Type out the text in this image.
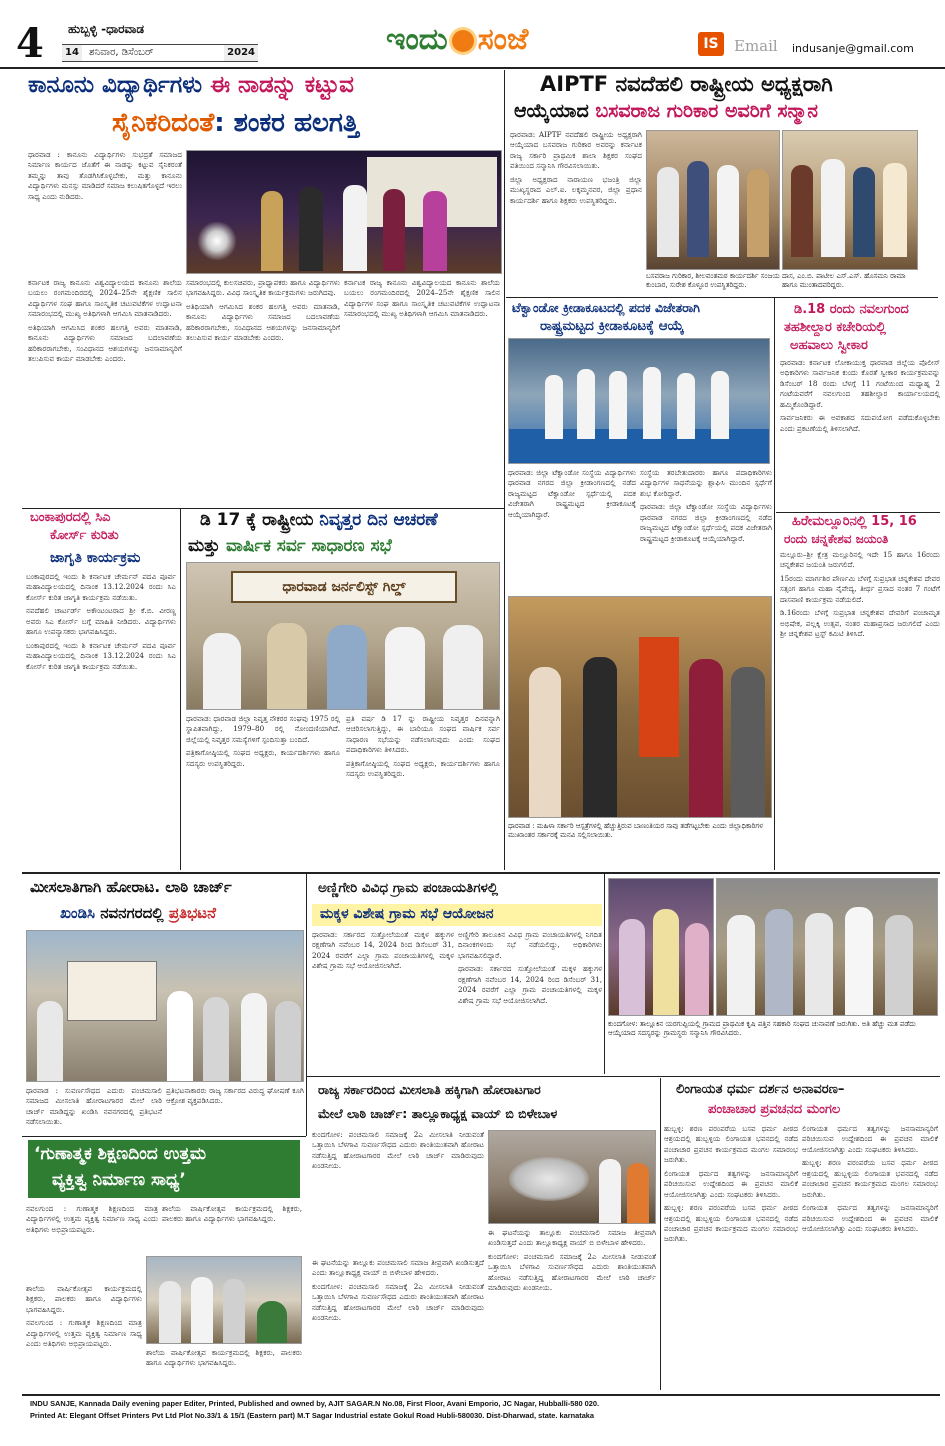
4 ಹುಬ್ಬಳ್ಳಿ -ಧಾರವಾಡ
14 ಶನಿವಾರ, ಡಿಸೆಂಬರ್	2024	ಇಂದು ಸಂಜೆ	IS	Email indusanje@gmail.com
ಕಾನೂನು ವಿದ್ಯಾರ್ಥಿಗಳು ಈ ನಾಡನ್ನು ಕಟ್ಟುವ
ಸೈನಿಕರಿದಂತೆ: ಶಂಕರ ಹಲಗತ್ತಿ
ಧಾರವಾಡ : ಕಾನೂನು ವಿದ್ಯಾರ್ಥಿಗಳು ಸುಭದ್ರತೆ ಸಮಾಜದ ನಿರ್ಮಾಣ ಕಾರ್ಯದ ಜೊತೆಗೆ ಈ ನಾಡನ್ನು ಕಟ್ಟುವ ಸೈನಿಕರಂತೆ ತಮ್ಮನ್ನು ತಾವು ತೊಡಗಿಸಿಕೊಳ್ಳಬೇಕು, ಮತ್ತು ಕಾನೂನು ವಿದ್ಯಾರ್ಥಿಗಳು ಮನಸ್ಸು ಮಾಡಿದರೆ ಸಮಾಜ ಕಲುಷಿತಗೊಳ್ಳದೆ ಇರಲು ಸಾಧ್ಯ ಎಂದು ನುಡಿದರು.
ಕರ್ನಾಟಕ ರಾಜ್ಯ ಕಾನೂನು ವಿಶ್ವವಿದ್ಯಾಲಯದ ಕಾನೂನು ಶಾಲೆಯ ಬಯಲು ರಂಗಮಂದಿರದಲ್ಲಿ 2024–25ನೇ ಶೈಕ್ಷಣಿಕ ಸಾಲಿನ ವಿದ್ಯಾರ್ಥಿಗಳ ಸಂಘ ಹಾಗೂ ಸಾಂಸ್ಕೃತಿಕ ಚಟುವಟಿಕೆಗಳ ಉದ್ಘಾಟನಾ ಸಮಾರಂಭದಲ್ಲಿ ಮುಖ್ಯ ಅತಿಥಿಗಳಾಗಿ ಆಗಮಿಸಿ ಮಾತನಾಡಿದರು.
ಅತಿಥಿಯಾಗಿ ಆಗಮಿಸಿದ ಶಂಕರ ಹಲಗತ್ತಿ ಅವರು ಮಾತನಾಡಿ, ಕಾನೂನು ವಿದ್ಯಾರ್ಥಿಗಳು ಸಮಾಜದ ಬದಲಾವಣೆಯ ಹರಿಕಾರರಾಗಬೇಕು, ಸಂವಿಧಾನದ ಆಶಯಗಳನ್ನು ಜನಸಾಮಾನ್ಯರಿಗೆ ತಲುಪಿಸುವ ಕಾರ್ಯ ಮಾಡಬೇಕು ಎಂದರು.
ಸಮಾರಂಭದಲ್ಲಿ ಕುಲಸಚಿವರು, ಪ್ರಾಧ್ಯಾಪಕರು ಹಾಗೂ ವಿದ್ಯಾರ್ಥಿಗಳು ಭಾಗವಹಿಸಿದ್ದರು. ವಿವಿಧ ಸಾಂಸ್ಕೃತಿಕ ಕಾರ್ಯಕ್ರಮಗಳು ಜರುಗಿದವು.
ಅತಿಥಿಯಾಗಿ ಆಗಮಿಸಿದ ಶಂಕರ ಹಲಗತ್ತಿ ಅವರು ಮಾತನಾಡಿ, ಕಾನೂನು ವಿದ್ಯಾರ್ಥಿಗಳು ಸಮಾಜದ ಬದಲಾವಣೆಯ ಹರಿಕಾರರಾಗಬೇಕು, ಸಂವಿಧಾನದ ಆಶಯಗಳನ್ನು ಜನಸಾಮಾನ್ಯರಿಗೆ ತಲುಪಿಸುವ ಕಾರ್ಯ ಮಾಡಬೇಕು ಎಂದರು.
ಕರ್ನಾಟಕ ರಾಜ್ಯ ಕಾನೂನು ವಿಶ್ವವಿದ್ಯಾಲಯದ ಕಾನೂನು ಶಾಲೆಯ ಬಯಲು ರಂಗಮಂದಿರದಲ್ಲಿ 2024–25ನೇ ಶೈಕ್ಷಣಿಕ ಸಾಲಿನ ವಿದ್ಯಾರ್ಥಿಗಳ ಸಂಘ ಹಾಗೂ ಸಾಂಸ್ಕೃತಿಕ ಚಟುವಟಿಕೆಗಳ ಉದ್ಘಾಟನಾ ಸಮಾರಂಭದಲ್ಲಿ ಮುಖ್ಯ ಅತಿಥಿಗಳಾಗಿ ಆಗಮಿಸಿ ಮಾತನಾಡಿದರು.
AIPTF ನವದೆಹಲಿ ರಾಷ್ಟ್ರೀಯ ಅಧ್ಯಕ್ಷರಾಗಿ
ಆಯ್ಕೆಯಾದ ಬಸವರಾಜ ಗುರಿಕಾರ ಅವರಿಗೆ ಸನ್ಮಾನ
ಧಾರವಾಡ: AIPTF ನವದೆಹಲಿ ರಾಷ್ಟ್ರೀಯ ಅಧ್ಯಕ್ಷರಾಗಿ ಆಯ್ಕೆಯಾದ ಬಸವರಾಜ ಗುರಿಕಾರ ಅವರನ್ನು ಕರ್ನಾಟಕ ರಾಜ್ಯ ಸರ್ಕಾರಿ ಪ್ರಾಥಮಿಕ ಶಾಲಾ ಶಿಕ್ಷಕರ ಸಂಘದ ವತಿಯಿಂದ ಸನ್ಮಾನಿಸಿ ಗೌರವಿಸಲಾಯಿತು.
ಜಿಲ್ಲಾ ಅಧ್ಯಕ್ಷರಾದ ನಾರಾಯಣ ಭಜಂತ್ರಿ ಜಿಲ್ಲಾ ಮುಖ್ಯಸ್ಥರಾದ ಎಲ್.ಐ. ಲಕ್ಕಮ್ಮನವರ, ಜಿಲ್ಲಾ ಪ್ರಧಾನ ಕಾರ್ಯದರ್ಶಿ ಹಾಗೂ ಶಿಕ್ಷಕರು ಉಪಸ್ಥಿತರಿದ್ದರು.
ಬಸವರಾಜ ಗುರಿಕಾರ, ಶೀಲವಂತಮಠ ಕಾರ್ಯದರ್ಶಿ ಸಂಜಯ ಕುಂಬಾರ, ಸುರೇಶ ಕೊಳ್ಳೂರ ಉಪಸ್ಥಿತರಿದ್ದರು.
ದಾಸ, ಎಂ.ಬಿ. ಪಾಟೀಲ ಎಸ್.ಎಸ್. ಹೊಸಮನಿ ರಾಮಾ ಹಾಗೂ ಮುಂತಾದವರಿದ್ದರು.
ಟೆಕ್ವಾಂಡೋ ಕ್ರೀಡಾಕೂಟದಲ್ಲಿ ಪದಕ ವಿಜೇತರಾಗಿ
ರಾಷ್ಟ್ರಮಟ್ಟದ ಕ್ರೀಡಾಕೂಟಕ್ಕೆ ಆಯ್ಕೆ
ಧಾರವಾಡ: ಜಿಲ್ಲಾ ಟೆಕ್ವಾಂಡೋ ಸಂಸ್ಥೆಯ ವಿದ್ಯಾರ್ಥಿಗಳು ಧಾರವಾಡ ನಗರದ ಜಿಲ್ಲಾ ಕ್ರೀಡಾಂಗಣದಲ್ಲಿ ನಡೆದ ರಾಜ್ಯಮಟ್ಟದ ಟೆಕ್ವಾಂಡೋ ಸ್ಪರ್ಧೆಯಲ್ಲಿ ಪದಕ ವಿಜೇತರಾಗಿ ರಾಷ್ಟ್ರಮಟ್ಟದ ಕ್ರೀಡಾಕೂಟಕ್ಕೆ ಆಯ್ಕೆಯಾಗಿದ್ದಾರೆ.
ಸಂಸ್ಥೆಯ ತರಬೇತುದಾರರು ಹಾಗೂ ಪದಾಧಿಕಾರಿಗಳು ವಿದ್ಯಾರ್ಥಿಗಳ ಸಾಧನೆಯನ್ನು ಶ್ಲಾಘಿಸಿ ಮುಂದಿನ ಸ್ಪರ್ಧೆಗೆ ಶುಭ ಕೋರಿದ್ದಾರೆ.
ಧಾರವಾಡ: ಜಿಲ್ಲಾ ಟೆಕ್ವಾಂಡೋ ಸಂಸ್ಥೆಯ ವಿದ್ಯಾರ್ಥಿಗಳು ಧಾರವಾಡ ನಗರದ ಜಿಲ್ಲಾ ಕ್ರೀಡಾಂಗಣದಲ್ಲಿ ನಡೆದ ರಾಜ್ಯಮಟ್ಟದ ಟೆಕ್ವಾಂಡೋ ಸ್ಪರ್ಧೆಯಲ್ಲಿ ಪದಕ ವಿಜೇತರಾಗಿ ರಾಷ್ಟ್ರಮಟ್ಟದ ಕ್ರೀಡಾಕೂಟಕ್ಕೆ ಆಯ್ಕೆಯಾಗಿದ್ದಾರೆ.
ಧಾರವಾಡ : ಮಹಿಳಾ ಸರ್ಕಾರಿ ಆಸ್ಪತ್ರೆಗಳಲ್ಲಿ ಹೆಚ್ಚುತ್ತಿರುವ ಬಾಣಂತಿಯರ ಸಾವು ತಡೆಗಟ್ಟಬೇಕು ಎಂದು ಜಿಲ್ಲಾಧಿಕಾರಿಗಳ ಮುಖಾಂತರ ಸರ್ಕಾರಕ್ಕೆ ಮನವಿ ಸಲ್ಲಿಸಲಾಯಿತು.
ಡಿ.18 ರಂದು ನವಲಗುಂದ
ತಹಶೀಲ್ದಾರ ಕಚೇರಿಯಲ್ಲಿ
ಅಹವಾಲು ಸ್ವೀಕಾರ
ಧಾರವಾಡ: ಕರ್ನಾಟಕ ಲೋಕಾಯುಕ್ತ ಧಾರವಾಡ ಜಿಲ್ಲೆಯ ಪೊಲೀಸ್ ಅಧಿಕಾರಿಗಳು ಸಾರ್ವಜನಿಕ ಕುಂದು ಕೊರತೆ ಸ್ವೀಕಾರ ಕಾರ್ಯಕ್ರಮವನ್ನು ಡಿಸೆಂಬರ್ 18 ರಂದು ಬೆಳಗ್ಗೆ 11 ಗಂಟೆಯಿಂದ ಮಧ್ಯಾಹ್ನ 2 ಗಂಟೆಯವರೆಗೆ ನವಲಗುಂದ ತಹಶೀಲ್ದಾರ ಕಾರ್ಯಾಲಯದಲ್ಲಿ ಹಮ್ಮಿಕೊಂಡಿದ್ದಾರೆ.
ಸಾರ್ವಜನಿಕರು ಈ ಅವಕಾಶದ ಸದುಪಯೋಗ ಪಡೆದುಕೊಳ್ಳಬೇಕು ಎಂದು ಪ್ರಕಟಣೆಯಲ್ಲಿ ತಿಳಿಸಲಾಗಿದೆ.
ಹಿರೇಮಲ್ಲೂರಿನಲ್ಲಿ 15, 16
ರಂದು ಚನ್ನಕೇಶವ ಜಯಂತಿ
ಮಲ್ಲೂರು–ಶ್ರೀ ಕ್ಷೇತ್ರ ಮಲ್ಲೂರಿನಲ್ಲಿ ಇದೇ 15 ಹಾಗೂ 16ರಂದು ಚನ್ನಕೇಶವ ಜಯಂತಿ ಜರುಗಲಿದೆ.
15ರಂದು ಮಾರ್ಗಶಿರ ಪೌರ್ಣಮಿ ಬೆಳಗ್ಗೆ ಸುಪ್ರಭಾತ ಚನ್ನಕೇಶವ ದೇವರ ಸತ್ಸಂಗ ಹಾಗೂ ಮಹಾ ನೈವೇದ್ಯ, ತೀರ್ಥ ಪ್ರಸಾದ ನಂತರ 7 ಗಂಟೆಗೆ ದಾಸವಾಣಿ ಕಾರ್ಯಕ್ರಮ ನಡೆಯಲಿದೆ.
ಡಿ.16ರಂದು ಬೆಳಗ್ಗೆ ಸುಪ್ರಭಾತ ಚನ್ನಕೇಶವ ದೇವರಿಗೆ ಪಂಚಾಮೃತ ಅಭಿಷೇಕ, ಪಲ್ಲಕ್ಕಿ ಉತ್ಸವ, ನಂತರ ಮಹಾಪ್ರಸಾದ ಜರುಗಲಿದೆ ಎಂದು ಶ್ರೀ ಚನ್ನಕೇಶವ ಟ್ರಸ್ಟ್ ಕಮಿಟಿ ತಿಳಿಸಿದೆ.
ಬಂಕಾಪುರದಲ್ಲಿ ಸಿಎ
ಕೋರ್ಸ್ ಕುರಿತು
ಜಾಗೃತಿ ಕಾರ್ಯಕ್ರಮ
ಬಂಕಾಪುರದಲ್ಲಿ ಇಂದು ಶಿ ಕರ್ನಾಟಕ ಚೇರ್ಮನ್ ಪದವಿ ಪೂರ್ವ ಮಹಾವಿದ್ಯಾಲಯದಲ್ಲಿ ದಿನಾಂಕ 13.12.2024 ರಂದು ಸಿಎ ಕೋರ್ಸ್ ಕುರಿತ ಜಾಗೃತಿ ಕಾರ್ಯಕ್ರಮ ನಡೆಯಿತು.
ನವದೆಹಲಿ ಚಾರ್ಟರ್ಡ್ ಅಕೌಂಟಂಟರಾದ ಶ್ರೀ ಕೆ.ಬಿ. ವೀರಣ್ಣ ಅವರು ಸಿಎ ಕೋರ್ಸ್ ಬಗ್ಗೆ ಮಾಹಿತಿ ನೀಡಿದರು. ವಿದ್ಯಾರ್ಥಿಗಳು ಹಾಗೂ ಉಪನ್ಯಾಸಕರು ಭಾಗವಹಿಸಿದ್ದರು.
ಬಂಕಾಪುರದಲ್ಲಿ ಇಂದು ಶಿ ಕರ್ನಾಟಕ ಚೇರ್ಮನ್ ಪದವಿ ಪೂರ್ವ ಮಹಾವಿದ್ಯಾಲಯದಲ್ಲಿ ದಿನಾಂಕ 13.12.2024 ರಂದು ಸಿಎ ಕೋರ್ಸ್ ಕುರಿತ ಜಾಗೃತಿ ಕಾರ್ಯಕ್ರಮ ನಡೆಯಿತು.
ಡಿ 17 ಕ್ಕೆ ರಾಷ್ಟ್ರೀಯ ನಿವೃತ್ತರ ದಿನ ಆಚರಣೆ
ಮತ್ತು ವಾರ್ಷಿಕ ಸರ್ವ ಸಾಧಾರಣ ಸಭೆ
ಧಾರವಾಡ ಜರ್ನಲಿಸ್ಟ್ ಗಿಲ್ಡ್
ಧಾರವಾಡ: ಧಾರವಾಡ ಜಿಲ್ಲಾ ನಿವೃತ್ತ ನೌಕರರ ಸಂಘವು 1975 ರಲ್ಲಿ ಸ್ಥಾಪಿತವಾಗಿದ್ದು, 1979–80 ರಲ್ಲಿ ನೋಂದಣಿಯಾಗಿದೆ. ಜಿಲ್ಲೆಯಲ್ಲಿ ನಿವೃತ್ತರ ಸಮಸ್ಯೆಗಳಿಗೆ ಸ್ಪಂದಿಸುತ್ತಾ ಬಂದಿದೆ.
ಪತ್ರಿಕಾಗೋಷ್ಠಿಯಲ್ಲಿ ಸಂಘದ ಅಧ್ಯಕ್ಷರು, ಕಾರ್ಯದರ್ಶಿಗಳು ಹಾಗೂ ಸದಸ್ಯರು ಉಪಸ್ಥಿತರಿದ್ದರು.
ಪ್ರತಿ ವರ್ಷ ಡಿ 17 ನ್ನು ರಾಷ್ಟ್ರೀಯ ನಿವೃತ್ತರ ದಿನವನ್ನಾಗಿ ಆಚರಿಸಲಾಗುತ್ತಿದ್ದು, ಈ ಬಾರಿಯೂ ಸಂಘದ ವಾರ್ಷಿಕ ಸರ್ವ ಸಾಧಾರಣ ಸಭೆಯನ್ನು ನಡೆಸಲಾಗುವುದು ಎಂದು ಸಂಘದ ಪದಾಧಿಕಾರಿಗಳು ತಿಳಿಸಿದರು.
ಪತ್ರಿಕಾಗೋಷ್ಠಿಯಲ್ಲಿ ಸಂಘದ ಅಧ್ಯಕ್ಷರು, ಕಾರ್ಯದರ್ಶಿಗಳು ಹಾಗೂ ಸದಸ್ಯರು ಉಪಸ್ಥಿತರಿದ್ದರು.
ಮೀಸಲಾತಿಗಾಗಿ ಹೋರಾಟ. ಲಾಠಿ ಚಾರ್ಜ್
ಖಂಡಿಸಿ ನವನಗರದಲ್ಲಿ ಪ್ರತಿಭಟನೆ
ಧಾರವಾಡ : ಸುವರ್ಣಸೌಧದ ಎದುರು ಪಂಚಮಸಾಲಿ ಸಮಾಜದ ಮೀಸಲಾತಿ ಹೋರಾಟಗಾರರ ಮೇಲೆ ಲಾಠಿ ಚಾರ್ಜ್ ಮಾಡಿದ್ದನ್ನು ಖಂಡಿಸಿ ನವನಗರದಲ್ಲಿ ಪ್ರತಿಭಟನೆ ನಡೆಸಲಾಯಿತು.
ಪ್ರತಿಭಟನಾಕಾರರು ರಾಜ್ಯ ಸರ್ಕಾರದ ವಿರುದ್ಧ ಘೋಷಣೆ ಕೂಗಿ ಆಕ್ರೋಶ ವ್ಯಕ್ತಪಡಿಸಿದರು.
ಅಣ್ಣಿಗೇರಿ ವಿವಿಧ ಗ್ರಾಮ ಪಂಚಾಯತಿಗಳಲ್ಲಿ
ಮಕ್ಕಳ ವಿಶೇಷ ಗ್ರಾಮ ಸಭೆ ಆಯೋಜನ
ಧಾರವಾಡ: ಸರ್ಕಾರದ ಸುತ್ತೋಲೆಯಂತೆ ಮಕ್ಕಳ ಹಕ್ಕುಗಳ ರಕ್ಷಣೆಗಾಗಿ ನವೆಂಬರ 14, 2024 ರಿಂದ ಡಿಸೆಂಬರ್ 31, 2024 ರವರೆಗೆ ಎಲ್ಲಾ ಗ್ರಾಮ ಪಂಚಾಯತಿಗಳಲ್ಲಿ ಮಕ್ಕಳ ವಿಶೇಷ ಗ್ರಾಮ ಸಭೆ ಆಯೋಜಿಸಲಾಗಿದೆ.
ಅಣ್ಣಿಗೇರಿ ತಾಲೂಕಿನ ವಿವಿಧ ಗ್ರಾಮ ಪಂಚಾಯತಿಗಳಲ್ಲಿ ನಿಗದಿತ ದಿನಾಂಕಗಳಂದು ಸಭೆ ನಡೆಯಲಿದ್ದು, ಅಧಿಕಾರಿಗಳು ಭಾಗವಹಿಸಲಿದ್ದಾರೆ.
ಧಾರವಾಡ: ಸರ್ಕಾರದ ಸುತ್ತೋಲೆಯಂತೆ ಮಕ್ಕಳ ಹಕ್ಕುಗಳ ರಕ್ಷಣೆಗಾಗಿ ನವೆಂಬರ 14, 2024 ರಿಂದ ಡಿಸೆಂಬರ್ 31, 2024 ರವರೆಗೆ ಎಲ್ಲಾ ಗ್ರಾಮ ಪಂಚಾಯತಿಗಳಲ್ಲಿ ಮಕ್ಕಳ ವಿಶೇಷ ಗ್ರಾಮ ಸಭೆ ಆಯೋಜಿಸಲಾಗಿದೆ.
ಕುಂದಗೋಳ: ತಾಲ್ಲೂಕಿನ ಯರಗುಪ್ಪಿಯಲ್ಲಿ ಗ್ರಾಮದ ಪ್ರಾಥಮಿಕ ಕೃಷಿ ಪತ್ತಿನ ಸಹಕಾರಿ ಸಂಘದ ಚುನಾವಣೆ ಜರುಗಿತು. ಅತಿ ಹೆಚ್ಚು ಮತ ಪಡೆದು ಆಯ್ಕೆಯಾದ ಸದಸ್ಯರನ್ನು ಗ್ರಾಮಸ್ಥರು ಸನ್ಮಾನಿಸಿ ಗೌರವಿಸಿದರು.
ರಾಜ್ಯ ಸರ್ಕಾರದಿಂದ ಮೀಸಲಾತಿ ಹಕ್ಕಿಗಾಗಿ ಹೋರಾಟಗಾರ
ಮೇಲೆ ಲಾಠಿ ಚಾರ್ಜ್: ತಾಲ್ಲೂಕಾಧ್ಯಕ್ಷ ವಾಯ್ ಬಿ ಬಿಳೇಬಾಳ
ಕುಂದಗೋಳ: ಪಂಚಮಸಾಲಿ ಸಮಾಜಕ್ಕೆ 2ಎ ಮೀಸಲಾತಿ ನೀಡುವಂತೆ ಒತ್ತಾಯಿಸಿ ಬೆಳಗಾವಿ ಸುವರ್ಣಸೌಧದ ಎದುರು ಶಾಂತಿಯುತವಾಗಿ ಹೋರಾಟ ನಡೆಸುತ್ತಿದ್ದ ಹೋರಾಟಗಾರರ ಮೇಲೆ ಲಾಠಿ ಚಾರ್ಜ್ ಮಾಡಿರುವುದು ಖಂಡನೀಯ.
ಈ ಘಟನೆಯನ್ನು ತಾಲ್ಲೂಕು ಪಂಚಮಸಾಲಿ ಸಮಾಜ ತೀವ್ರವಾಗಿ ಖಂಡಿಸುತ್ತದೆ ಎಂದು ತಾಲ್ಲೂಕಾಧ್ಯಕ್ಷ ವಾಯ್ ಬಿ ಬಿಳೇಬಾಳ ಹೇಳಿದರು.
ಕುಂದಗೋಳ: ಪಂಚಮಸಾಲಿ ಸಮಾಜಕ್ಕೆ 2ಎ ಮೀಸಲಾತಿ ನೀಡುವಂತೆ ಒತ್ತಾಯಿಸಿ ಬೆಳಗಾವಿ ಸುವರ್ಣಸೌಧದ ಎದುರು ಶಾಂತಿಯುತವಾಗಿ ಹೋರಾಟ ನಡೆಸುತ್ತಿದ್ದ ಹೋರಾಟಗಾರರ ಮೇಲೆ ಲಾಠಿ ಚಾರ್ಜ್ ಮಾಡಿರುವುದು ಖಂಡನೀಯ.
ಈ ಘಟನೆಯನ್ನು ತಾಲ್ಲೂಕು ಪಂಚಮಸಾಲಿ ಸಮಾಜ ತೀವ್ರವಾಗಿ ಖಂಡಿಸುತ್ತದೆ ಎಂದು ತಾಲ್ಲೂಕಾಧ್ಯಕ್ಷ ವಾಯ್ ಬಿ ಬಿಳೇಬಾಳ ಹೇಳಿದರು.
ಕುಂದಗೋಳ: ಪಂಚಮಸಾಲಿ ಸಮಾಜಕ್ಕೆ 2ಎ ಮೀಸಲಾತಿ ನೀಡುವಂತೆ ಒತ್ತಾಯಿಸಿ ಬೆಳಗಾವಿ ಸುವರ್ಣಸೌಧದ ಎದುರು ಶಾಂತಿಯುತವಾಗಿ ಹೋರಾಟ ನಡೆಸುತ್ತಿದ್ದ ಹೋರಾಟಗಾರರ ಮೇಲೆ ಲಾಠಿ ಚಾರ್ಜ್ ಮಾಡಿರುವುದು ಖಂಡನೀಯ.
ಲಿಂಗಾಯತ ಧರ್ಮ ದರ್ಶನ ಅನಾವರಣ–
ಪಂಚಾಚಾರ ಪ್ರವಚನದ ಮಂಗಲ
ಹುಬ್ಬಳ್ಳಿ: ಶರಣ ಪರಂಪರೆಯ ಬಸವ ಧರ್ಮ ಪೀಠದ ಆಶ್ರಯದಲ್ಲಿ ಹುಬ್ಬಳ್ಳಿಯ ಲಿಂಗಾಯತ ಭವನದಲ್ಲಿ ನಡೆದ ಪಂಚಾಚಾರ ಪ್ರವಚನ ಕಾರ್ಯಕ್ರಮದ ಮಂಗಲ ಸಮಾರಂಭ ಜರುಗಿತು.
ಲಿಂಗಾಯತ ಧರ್ಮದ ತತ್ವಗಳನ್ನು ಜನಸಾಮಾನ್ಯರಿಗೆ ಪರಿಚಯಿಸುವ ಉದ್ದೇಶದಿಂದ ಈ ಪ್ರವಚನ ಮಾಲಿಕೆ ಆಯೋಜಿಸಲಾಗಿತ್ತು ಎಂದು ಸಂಘಟಕರು ತಿಳಿಸಿದರು.
ಹುಬ್ಬಳ್ಳಿ: ಶರಣ ಪರಂಪರೆಯ ಬಸವ ಧರ್ಮ ಪೀಠದ ಆಶ್ರಯದಲ್ಲಿ ಹುಬ್ಬಳ್ಳಿಯ ಲಿಂಗಾಯತ ಭವನದಲ್ಲಿ ನಡೆದ ಪಂಚಾಚಾರ ಪ್ರವಚನ ಕಾರ್ಯಕ್ರಮದ ಮಂಗಲ ಸಮಾರಂಭ ಜರುಗಿತು.
ಲಿಂಗಾಯತ ಧರ್ಮದ ತತ್ವಗಳನ್ನು ಜನಸಾಮಾನ್ಯರಿಗೆ ಪರಿಚಯಿಸುವ ಉದ್ದೇಶದಿಂದ ಈ ಪ್ರವಚನ ಮಾಲಿಕೆ ಆಯೋಜಿಸಲಾಗಿತ್ತು ಎಂದು ಸಂಘಟಕರು ತಿಳಿಸಿದರು.
ಹುಬ್ಬಳ್ಳಿ: ಶರಣ ಪರಂಪರೆಯ ಬಸವ ಧರ್ಮ ಪೀಠದ ಆಶ್ರಯದಲ್ಲಿ ಹುಬ್ಬಳ್ಳಿಯ ಲಿಂಗಾಯತ ಭವನದಲ್ಲಿ ನಡೆದ ಪಂಚಾಚಾರ ಪ್ರವಚನ ಕಾರ್ಯಕ್ರಮದ ಮಂಗಲ ಸಮಾರಂಭ ಜರುಗಿತು.
ಲಿಂಗಾಯತ ಧರ್ಮದ ತತ್ವಗಳನ್ನು ಜನಸಾಮಾನ್ಯರಿಗೆ ಪರಿಚಯಿಸುವ ಉದ್ದೇಶದಿಂದ ಈ ಪ್ರವಚನ ಮಾಲಿಕೆ ಆಯೋಜಿಸಲಾಗಿತ್ತು ಎಂದು ಸಂಘಟಕರು ತಿಳಿಸಿದರು.
‘ಗುಣಾತ್ಮಕ ಶಿಕ್ಷಣದಿಂದ ಉತ್ತಮ
ವ್ಯಕ್ತಿತ್ವ ನಿರ್ಮಾಣ ಸಾಧ್ಯ’
ನವಲಗುಂದ : ಗುಣಾತ್ಮಕ ಶಿಕ್ಷಣದಿಂದ ಮಾತ್ರ ವಿದ್ಯಾರ್ಥಿಗಳಲ್ಲಿ ಉತ್ತಮ ವ್ಯಕ್ತಿತ್ವ ನಿರ್ಮಾಣ ಸಾಧ್ಯ ಎಂದು ಅತಿಥಿಗಳು ಅಭಿಪ್ರಾಯಪಟ್ಟರು.
ಶಾಲೆಯ ವಾರ್ಷಿಕೋತ್ಸವ ಕಾರ್ಯಕ್ರಮದಲ್ಲಿ ಶಿಕ್ಷಕರು, ಪಾಲಕರು ಹಾಗೂ ವಿದ್ಯಾರ್ಥಿಗಳು ಭಾಗವಹಿಸಿದ್ದರು.
ಶಾಲೆಯ ವಾರ್ಷಿಕೋತ್ಸವ ಕಾರ್ಯಕ್ರಮದಲ್ಲಿ ಶಿಕ್ಷಕರು, ಪಾಲಕರು ಹಾಗೂ ವಿದ್ಯಾರ್ಥಿಗಳು ಭಾಗವಹಿಸಿದ್ದರು.
ನವಲಗುಂದ : ಗುಣಾತ್ಮಕ ಶಿಕ್ಷಣದಿಂದ ಮಾತ್ರ ವಿದ್ಯಾರ್ಥಿಗಳಲ್ಲಿ ಉತ್ತಮ ವ್ಯಕ್ತಿತ್ವ ನಿರ್ಮಾಣ ಸಾಧ್ಯ ಎಂದು ಅತಿಥಿಗಳು ಅಭಿಪ್ರಾಯಪಟ್ಟರು.
ಶಾಲೆಯ ವಾರ್ಷಿಕೋತ್ಸವ ಕಾರ್ಯಕ್ರಮದಲ್ಲಿ ಶಿಕ್ಷಕರು, ಪಾಲಕರು ಹಾಗೂ ವಿದ್ಯಾರ್ಥಿಗಳು ಭಾಗವಹಿಸಿದ್ದರು.
INDU SANJE, Kannada Daily evening paper Editer, Printed, Published and owned by, AJIT SAGAR.N No.08, First Floor, Avani Emporio, JC Nagar, Hubballi-580 020.
Printed At: Elegant Offset Printers Pvt Ltd Plot No.33/1 & 15/1 (Eastern part) M.T Sagar Industrial estate Gokul Road Hubli-580030. Dist-Dharwad, state. karnataka
